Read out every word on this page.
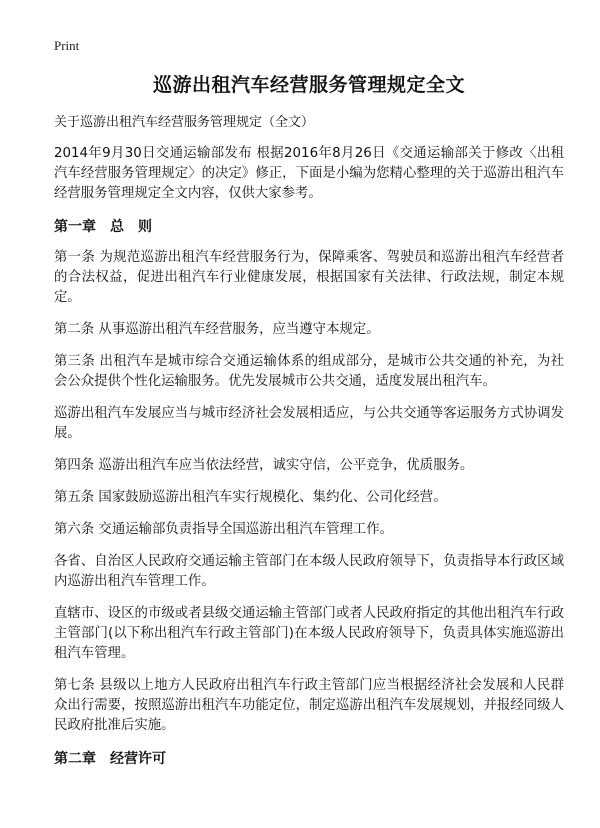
Print
巡游出租汽车经营服务管理规定全文
关于巡游出租汽车经营服务管理规定（全文）

2014年9月30日交通运输部发布 根据2016年8月26日《交通运输部关于修改〈出租汽车经营服务管理规定〉的决定》修正，下面是小编为您精心整理的关于巡游出租汽车经营服务管理规定全文内容，仅供大家参考。

第一章　总　则

第一条 为规范巡游出租汽车经营服务行为，保障乘客、驾驶员和巡游出租汽车经营者的合法权益，促进出租汽车行业健康发展，根据国家有关法律、行政法规，制定本规定。

第二条 从事巡游出租汽车经营服务，应当遵守本规定。

第三条 出租汽车是城市综合交通运输体系的组成部分，是城市公共交通的补充，为社会公众提供个性化运输服务。优先发展城市公共交通，适度发展出租汽车。

巡游出租汽车发展应当与城市经济社会发展相适应，与公共交通等客运服务方式协调发展。

第四条 巡游出租汽车应当依法经营，诚实守信，公平竞争，优质服务。

第五条 国家鼓励巡游出租汽车实行规模化、集约化、公司化经营。

第六条 交通运输部负责指导全国巡游出租汽车管理工作。

各省、自治区人民政府交通运输主管部门在本级人民政府领导下，负责指导本行政区域内巡游出租汽车管理工作。

直辖市、设区的市级或者县级交通运输主管部门或者人民政府指定的其他出租汽车行政主管部门(以下称出租汽车行政主管部门)在本级人民政府领导下，负责具体实施巡游出租汽车管理。

第七条 县级以上地方人民政府出租汽车行政主管部门应当根据经济社会发展和人民群众出行需要，按照巡游出租汽车功能定位，制定巡游出租汽车发展规划，并报经同级人民政府批准后实施。

第二章　经营许可
